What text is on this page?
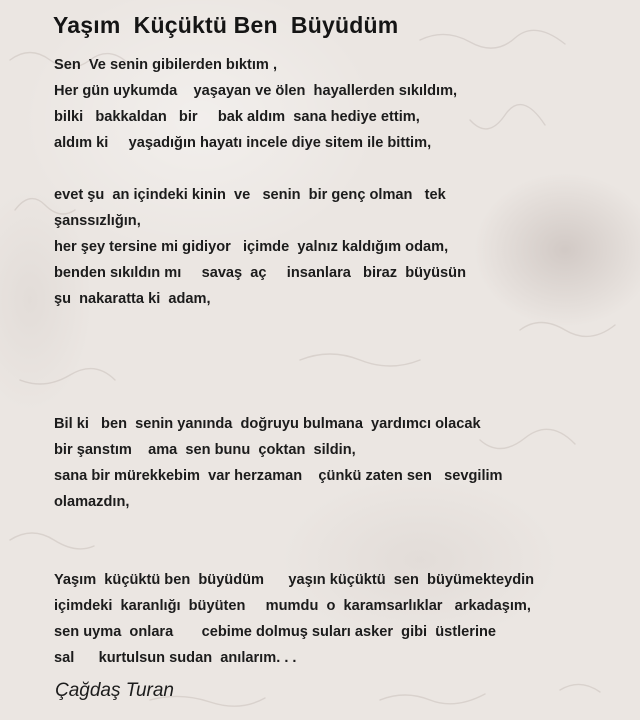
Yaşım  Küçüktü Ben  Büyüdüm
Sen  Ve senin gibilerden bıktım ,
Her gün uykumda    yaşayan ve ölen  hayallerden sıkıldım,
bilki   bakkaldan   bir     bak aldım  sana hediye ettim,
aldım ki     yaşadığın hayatı incele diye sitem ile bittim,
evet şu  an içindeki kinin  ve   senin  bir genç olman   tek
şanssızlığın,
her şey tersine mi gidiyor   içimde  yalnız kaldığım odam,
benden sıkıldın mı     savaş  aç     insanlara   biraz  büyüsün
şu  nakaratta ki  adam,
Bil ki   ben  senin yanında  doğruyu bulmana  yardımcı olacak
bir şanstım    ama  sen bunu  çoktan  sildin,
sana bir mürekkebim  var herzaman    çünkü zaten sen   sevgilim
olamazdın,
Yaşım  küçüktü ben  büyüdüm      yaşın küçüktü  sen  büyümekteydin
içimdeki  karanlığı  büyüten     mumdu  o  karamsarlıklar   arkadaşım,
sen uyma  onlara       cebime dolmuş suları asker  gibi  üstlerine
sal      kurtulsun sudan  anılarım. . .
Çağdaş Turan
